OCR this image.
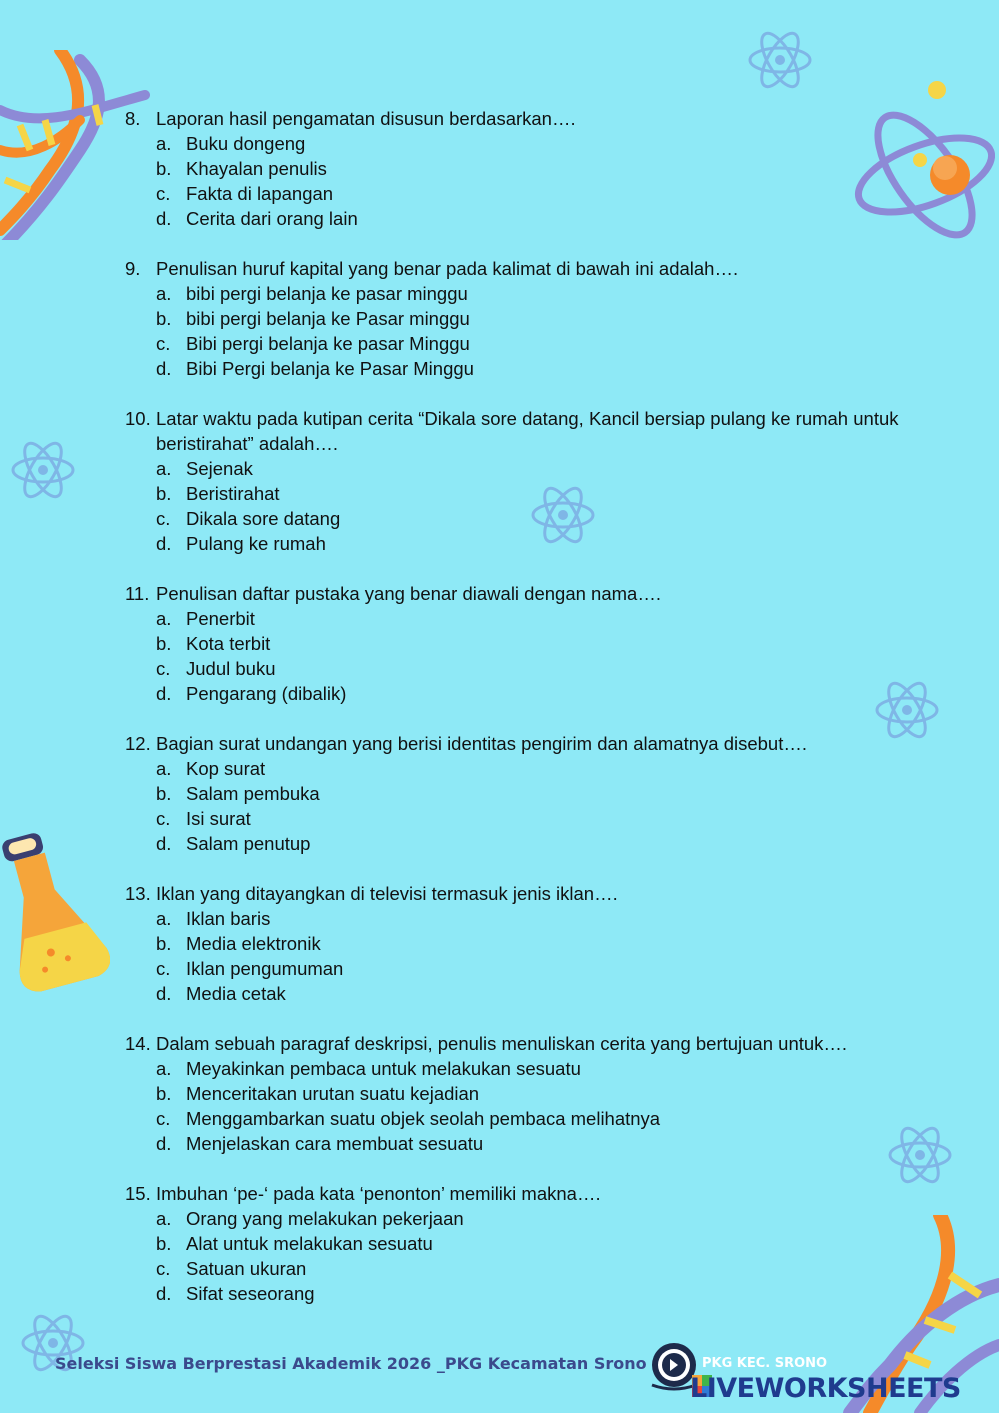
8. Laporan hasil pengamatan disusun berdasarkan….
a. Buku dongeng
b. Khayalan penulis
c. Fakta di lapangan
d. Cerita dari orang lain
9. Penulisan huruf kapital yang benar pada kalimat di bawah ini adalah….
a. bibi pergi belanja ke pasar minggu
b. bibi pergi belanja ke Pasar minggu
c. Bibi pergi belanja ke pasar Minggu
d. Bibi Pergi belanja ke Pasar Minggu
10. Latar waktu pada kutipan cerita “Dikala sore datang, Kancil bersiap pulang ke rumah untuk beristirahat” adalah….
a. Sejenak
b. Beristirahat
c. Dikala sore datang
d. Pulang ke rumah
11. Penulisan daftar pustaka yang benar diawali dengan nama….
a. Penerbit
b. Kota terbit
c. Judul buku
d. Pengarang (dibalik)
12. Bagian surat undangan yang berisi identitas pengirim dan alamatnya disebut….
a. Kop surat
b. Salam pembuka
c. Isi surat
d. Salam penutup
13. Iklan yang ditayangkan di televisi termasuk jenis iklan….
a. Iklan baris
b. Media elektronik
c. Iklan pengumuman
d. Media cetak
14. Dalam sebuah paragraf deskripsi, penulis menuliskan cerita yang bertujuan untuk….
a. Meyakinkan pembaca untuk melakukan sesuatu
b. Menceritakan urutan suatu kejadian
c. Menggambarkan suatu objek seolah pembaca melihatnya
d. Menjelaskan cara membuat sesuatu
15. Imbuhan ‘pe-‘ pada kata ‘penonton’ memiliki makna….
a. Orang yang melakukan pekerjaan
b. Alat untuk melakukan sesuatu
c. Satuan ukuran
d. Sifat seseorang
Seleksi Siswa Berprestasi Akademik 2026 _PKG Kecamatan Srono	PKG KEC. SRONO
LIVEWORKSHEETS
